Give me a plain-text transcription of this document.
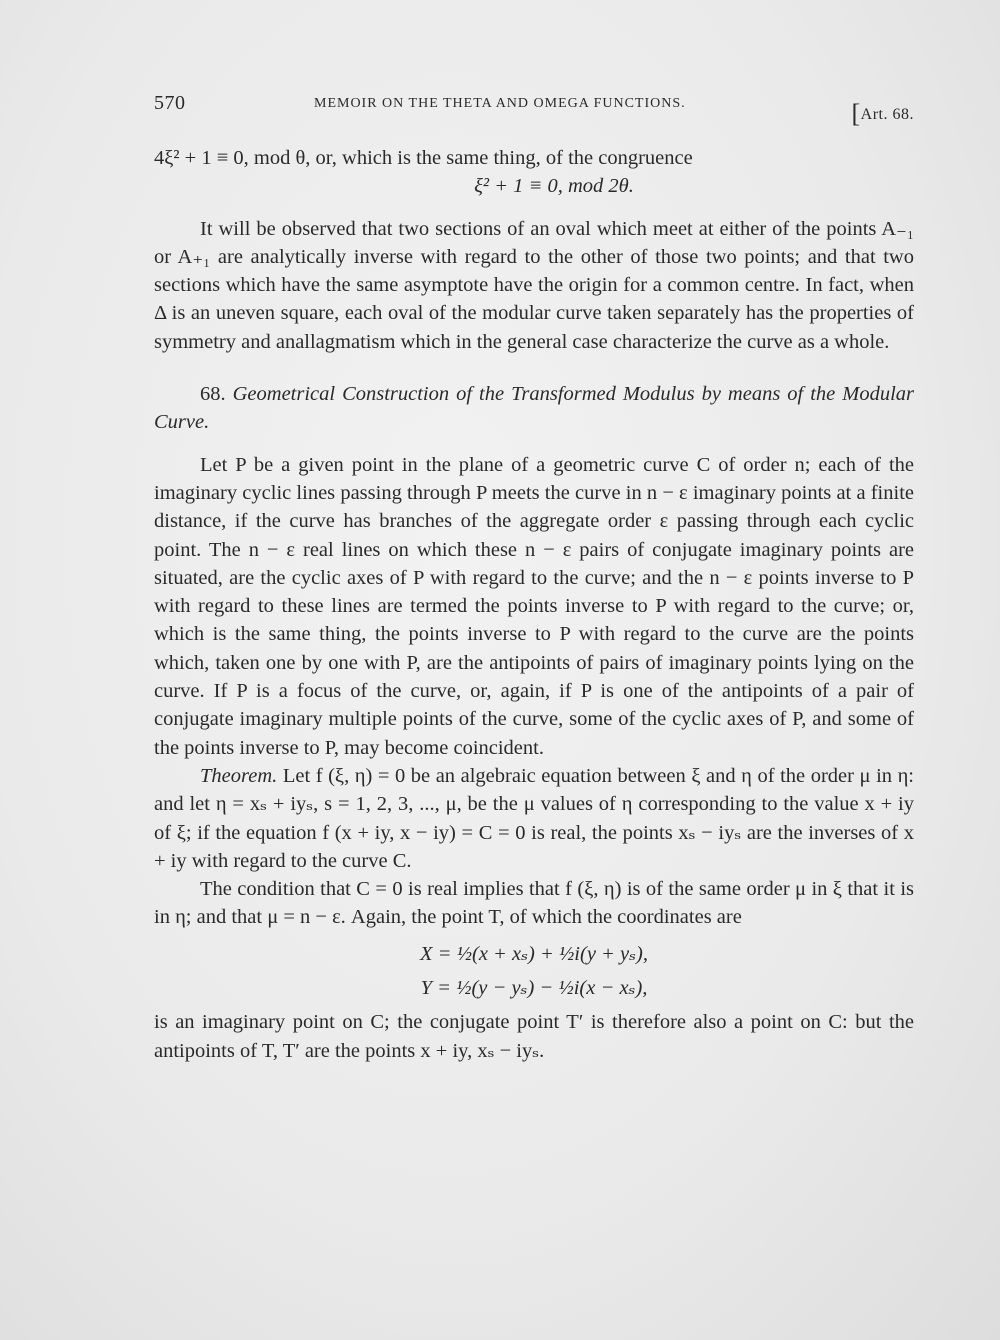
570	MEMOIR ON THE THETA AND OMEGA FUNCTIONS.	[Art. 68.

4ξ² + 1 ≡ 0, mod θ, or, which is the same thing, of the congruence

ξ² + 1 ≡ 0, mod 2θ.

It will be observed that two sections of an oval which meet at either of the points A₋₁ or A₊₁ are analytically inverse with regard to the other of those two points; and that two sections which have the same asymptote have the origin for a common centre. In fact, when Δ is an uneven square, each oval of the modular curve taken separately has the properties of symmetry and anallagmatism which in the general case characterize the curve as a whole.

68. Geometrical Construction of the Transformed Modulus by means of the Modular Curve.

Let P be a given point in the plane of a geometric curve C of order n; each of the imaginary cyclic lines passing through P meets the curve in n − ε imaginary points at a finite distance, if the curve has branches of the aggregate order ε passing through each cyclic point. The n − ε real lines on which these n − ε pairs of conjugate imaginary points are situated, are the cyclic axes of P with regard to the curve; and the n − ε points inverse to P with regard to these lines are termed the points inverse to P with regard to the curve; or, which is the same thing, the points inverse to P with regard to the curve are the points which, taken one by one with P, are the antipoints of pairs of imaginary points lying on the curve. If P is a focus of the curve, or, again, if P is one of the antipoints of a pair of conjugate imaginary multiple points of the curve, some of the cyclic axes of P, and some of the points inverse to P, may become coincident.

Theorem. Let f (ξ, η) = 0 be an algebraic equation between ξ and η of the order μ in η: and let η = xₛ + iyₛ, s = 1, 2, 3, ..., μ, be the μ values of η corresponding to the value x + iy of ξ; if the equation f (x + iy, x − iy) = C = 0 is real, the points xₛ − iyₛ are the inverses of x + iy with regard to the curve C.

The condition that C = 0 is real implies that f (ξ, η) is of the same order μ in ξ that it is in η; and that μ = n − ε. Again, the point T, of which the coordinates are

X = ½(x + xₛ) + ½i(y + yₛ),

Y = ½(y − yₛ) − ½i(x − xₛ),

is an imaginary point on C; the conjugate point T′ is therefore also a point on C: but the antipoints of T, T′ are the points x + iy, xₛ − iyₛ.
